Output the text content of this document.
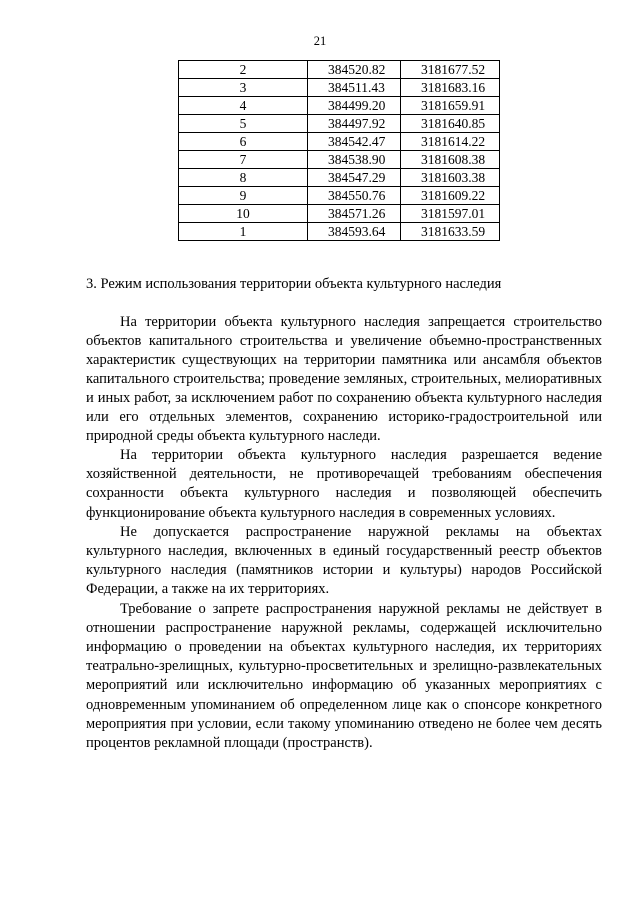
21
2	384520.82	3181677.52
3	384511.43	3181683.16
4	384499.20	3181659.91
5	384497.92	3181640.85
6	384542.47	3181614.22
7	384538.90	3181608.38
8	384547.29	3181603.38
9	384550.76	3181609.22
10	384571.26	3181597.01
1	384593.64	3181633.59
3. Режим использования территории объекта культурного наследия

На территории объекта культурного наследия запрещается строительство объектов капитального строительства и увеличение объемно-пространственных характеристик существующих на территории памятника или ансамбля объектов капитального строительства; проведение земляных, строительных, мелиоративных и иных работ, за исключением работ по сохранению объекта культурного наследия или его отдельных элементов, сохранению историко-градостроительной или природной среды объекта культурного наследи.

На территории объекта культурного наследия разрешается ведение хозяйственной деятельности, не противоречащей требованиям обеспечения сохранности объекта культурного наследия и позволяющей обеспечить функционирование объекта культурного наследия в современных условиях.

Не допускается распространение наружной рекламы на объектах культурного наследия, включенных в единый государственный реестр объектов культурного наследия (памятников истории и культуры) народов Российской Федерации, а также на их территориях.

Требование о запрете распространения наружной рекламы не действует в отношении распространение наружной рекламы, содержащей исключительно информацию о проведении на объектах культурного наследия, их территориях театрально-зрелищных, культурно-просветительных и зрелищно-развлекательных мероприятий или исключительно информацию об указанных мероприятиях с одновременным упоминанием об определенном лице как о спонсоре конкретного мероприятия при условии, если такому упоминанию отведено не более чем десять процентов рекламной площади (пространств).
